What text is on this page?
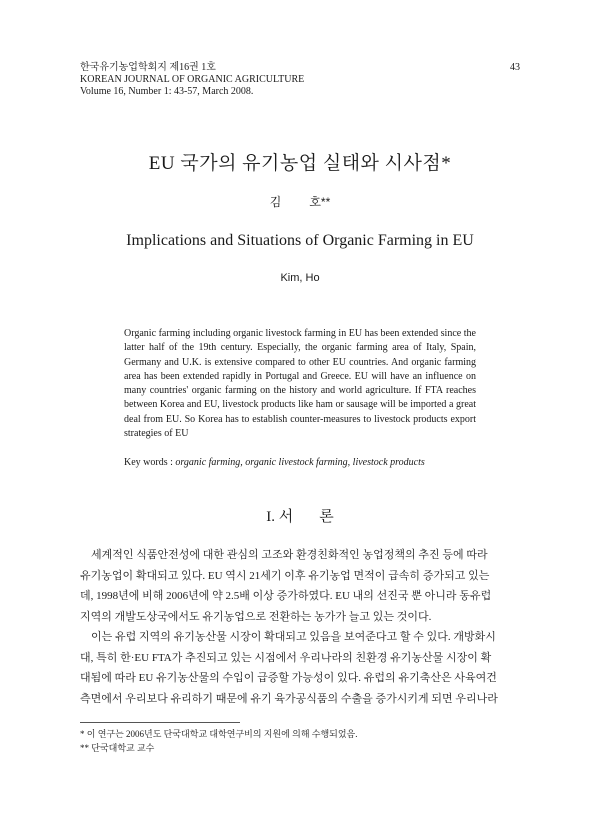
한국유기농업학회지 제16권 1호
KOREAN JOURNAL OF ORGANIC AGRICULTURE
Volume 16, Number 1: 43-57, March 2008.
43
EU 국가의 유기농업 실태와 시사점*
김 호**
Implications and Situations of Organic Farming in EU
Kim, Ho
Organic farming including organic livestock farming in EU has been extended since the latter half of the 19th century. Especially, the organic farming area of Italy, Spain, Germany and U.K. is extensive compared to other EU countries. And organic farming area has been extended rapidly in Portugal and Greece. EU will have an influence on many countries' organic farming on the history and world agriculture. If FTA reaches between Korea and EU, livestock products like ham or sausage will be imported a great deal from EU. So Korea has to establish counter-measures to livestock products export strategies of EU
Key words : organic farming, organic livestock farming, livestock products
I. 서 론

세계적인 식품안전성에 대한 관심의 고조와 환경친화적인 농업정책의 추진 등에 따라
유기농업이 확대되고 있다. EU 역시 21세기 이후 유기농업 면적이 급속히 증가되고 있는
데, 1998년에 비해 2006년에 약 2.5배 이상 증가하였다. EU 내의 선진국 뿐 아니라 동유럽
지역의 개발도상국에서도 유기농업으로 전환하는 농가가 늘고 있는 것이다.

이는 유럽 지역의 유기농산물 시장이 확대되고 있음을 보여준다고 할 수 있다. 개방화시
대, 특히 한·EU FTA가 추진되고 있는 시점에서 우리나라의 친환경 유기농산물 시장이 확
대됨에 따라 EU 유기농산물의 수입이 급증할 가능성이 있다. 유럽의 유기축산은 사육여건
측면에서 우리보다 유리하기 때문에 유기 육가공식품의 수출을 증가시키게 되면 우리나라

* 이 연구는 2006년도 단국대학교 대학연구비의 지원에 의해 수행되었음.
** 단국대학교 교수
